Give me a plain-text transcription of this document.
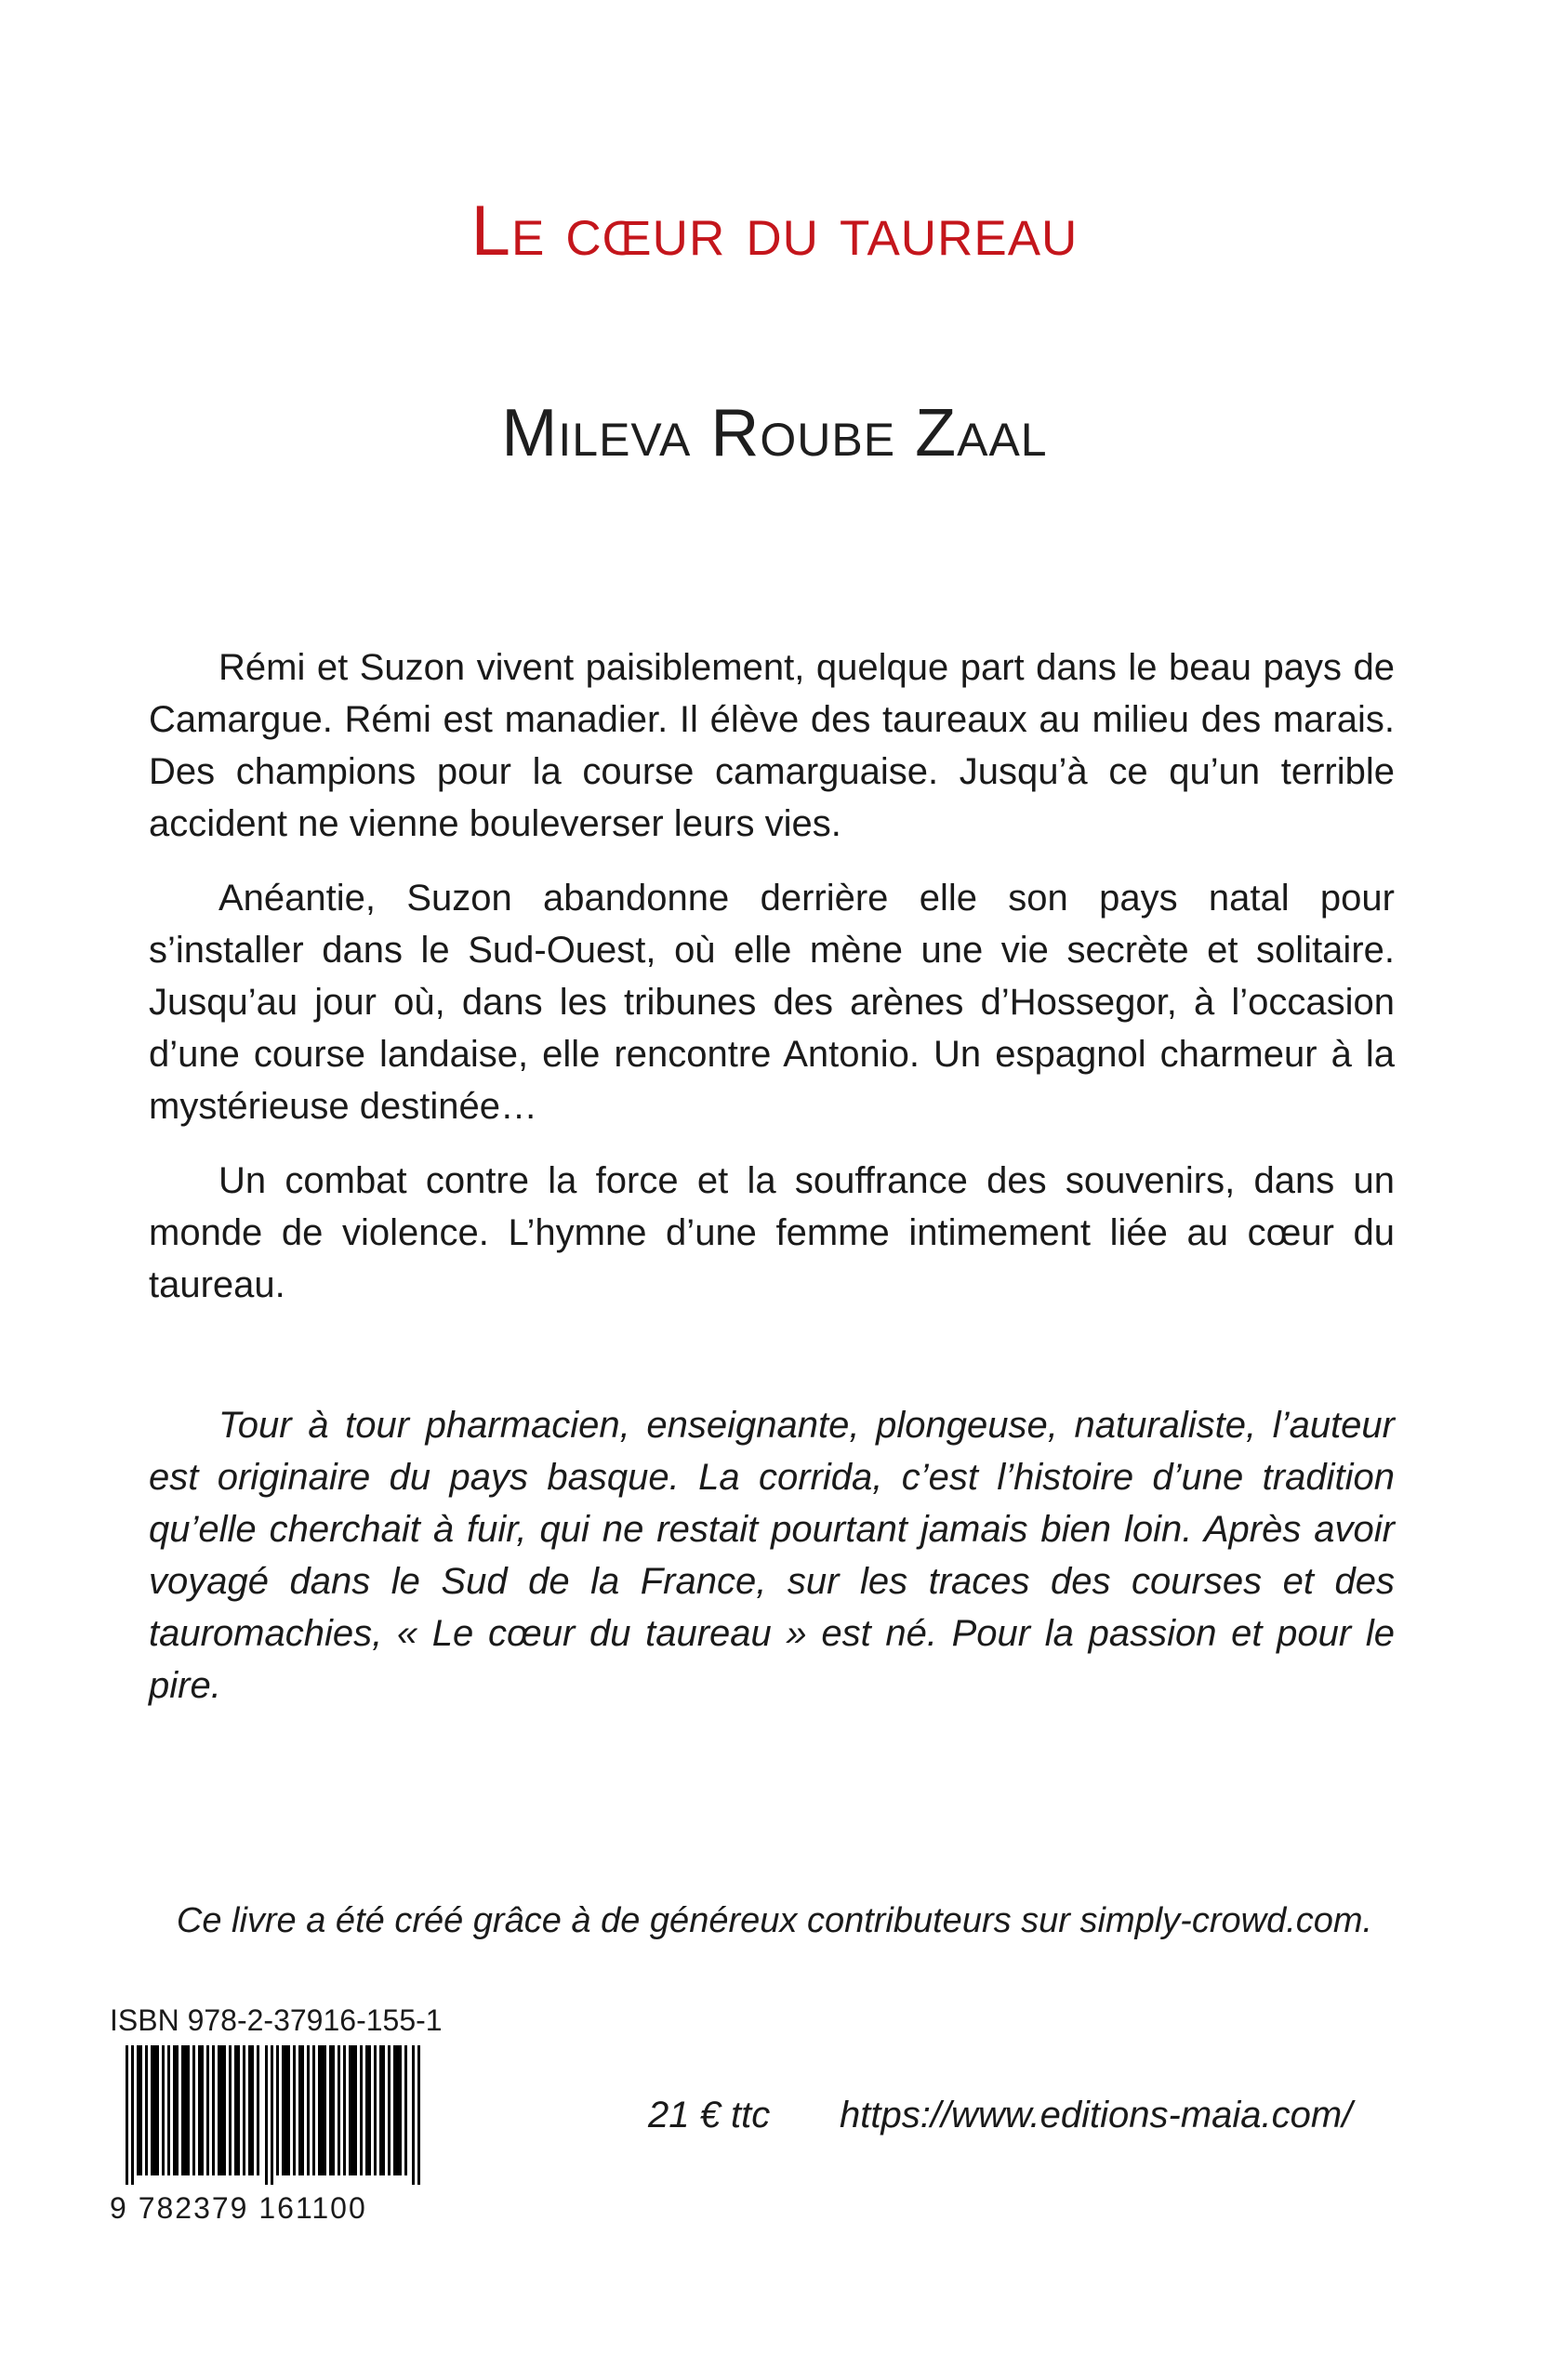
Le cœur du taureau
Mileva Roube Zaal

Rémi et Suzon vivent paisiblement, quelque part dans le beau pays de Camargue. Rémi est manadier. Il élève des taureaux au milieu des marais. Des champions pour la course camarguaise. Jusqu’à ce qu’un terrible accident ne vienne bouleverser leurs vies.

Anéantie, Suzon abandonne derrière elle son pays natal pour s’installer dans le Sud-Ouest, où elle mène une vie secrète et solitaire. Jusqu’au jour où, dans les tribunes des arènes d’Hossegor, à l’occasion d’une course landaise, elle rencontre Antonio. Un espagnol charmeur à la mystérieuse destinée…

Un combat contre la force et la souffrance des souvenirs, dans un monde de violence. L’hymne d’une femme intimement liée au cœur du taureau.

Tour à tour pharmacien, enseignante, plongeuse, naturaliste, l’auteur est originaire du pays basque. La corrida, c’est l’histoire d’une tradition qu’elle cherchait à fuir, qui ne restait pourtant jamais bien loin. Après avoir voyagé dans le Sud de la France, sur les traces des courses et des tauromachies, « Le cœur du taureau » est né. Pour la passion et pour le pire.

Ce livre a été créé grâce à de généreux contributeurs sur simply-crowd.com.

ISBN 978-2-37916-155-1

9 782379 161100

21 € ttc https://www.editions-maia.com/
